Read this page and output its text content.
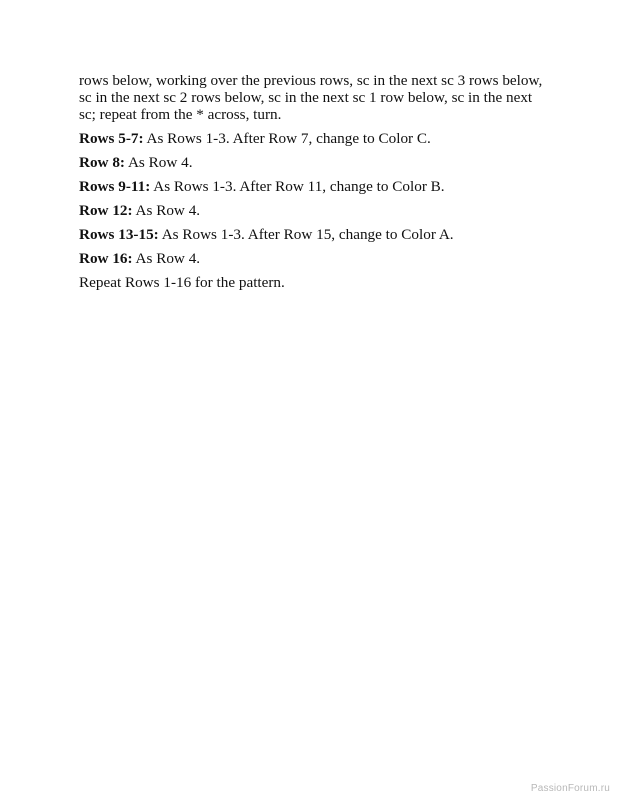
rows below, working over the previous rows, sc in the next sc 3 rows below,
sc in the next sc 2 rows below, sc in the next sc 1 row below, sc in the next
sc; repeat from the * across, turn.

Rows 5-7: As Rows 1-3. After Row 7, change to Color C.

Row 8: As Row 4.

Rows 9-11: As Rows 1-3. After Row 11, change to Color B.

Row 12: As Row 4.

Rows 13-15: As Rows 1-3. After Row 15, change to Color A.

Row 16: As Row 4.

Repeat Rows 1-16 for the pattern.

PassionForum.ru
